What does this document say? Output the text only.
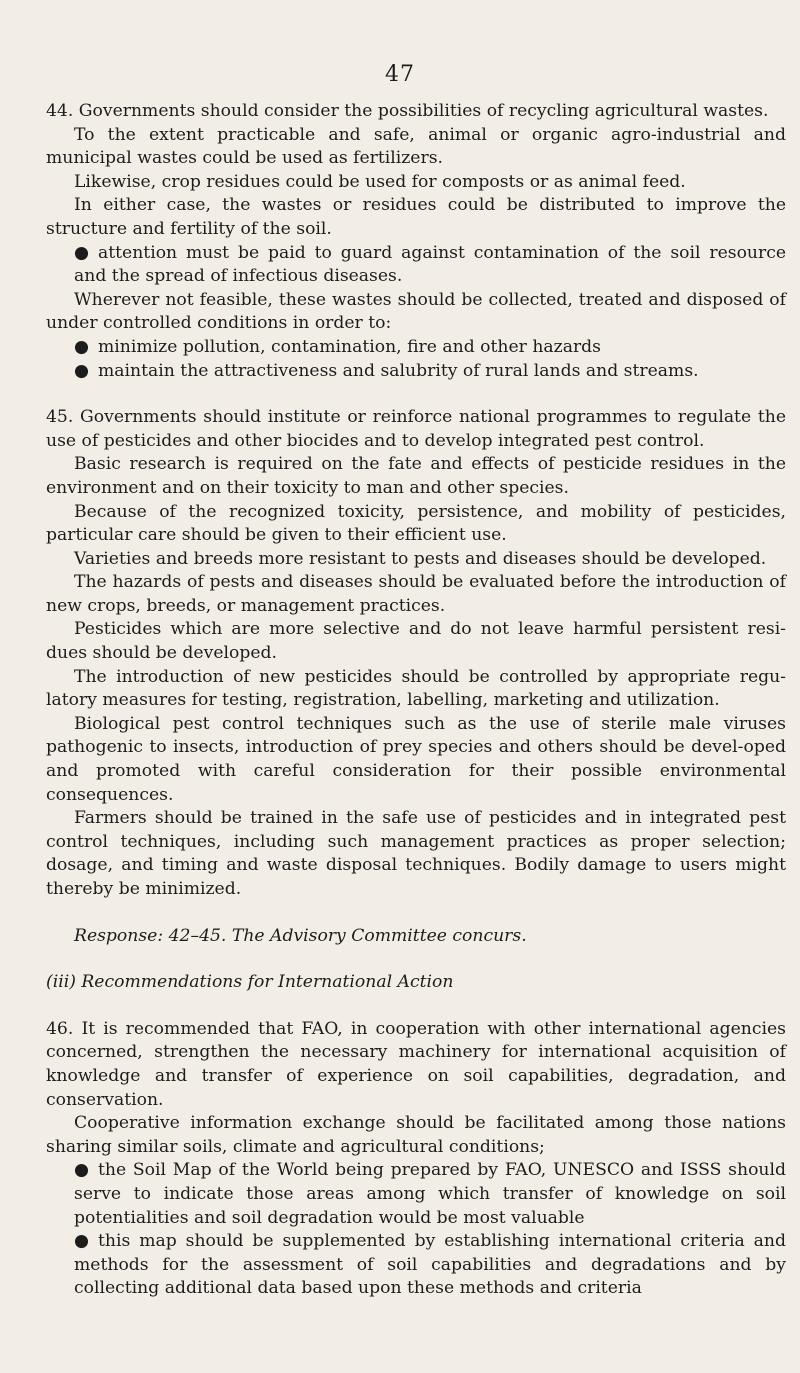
47

44. Governments should consider the possibilities of recycling agricultural wastes.

To the extent practicable and safe, animal or organic agro-industrial and municipal wastes could be used as fertilizers.

Likewise, crop residues could be used for composts or as animal feed.

In either case, the wastes or residues could be distributed to improve the structure and fertility of the soil.

● attention must be paid to guard against contamination of the soil resource and the spread of infectious diseases.

Wherever not feasible, these wastes should be collected, treated and disposed of under controlled conditions in order to:

● minimize pollution, contamination, fire and other hazards

● maintain the attractiveness and salubrity of rural lands and streams.

45. Governments should institute or reinforce national programmes to regulate the use of pesticides and other biocides and to develop integrated pest control.

Basic research is required on the fate and effects of pesticide residues in the environment and on their toxicity to man and other species.

Because of the recognized toxicity, persistence, and mobility of pesticides, particular care should be given to their efficient use.

Varieties and breeds more resistant to pests and diseases should be developed.

The hazards of pests and diseases should be evaluated before the introduction of new crops, breeds, or management practices.

Pesticides which are more selective and do not leave harmful persistent resi-dues should be developed.

The introduction of new pesticides should be controlled by appropriate regu-latory measures for testing, registration, labelling, marketing and utilization.

Biological pest control techniques such as the use of sterile male viruses pathogenic to insects, introduction of prey species and others should be devel-oped and promoted with careful consideration for their possible environmental consequences.

Farmers should be trained in the safe use of pesticides and in integrated pest control techniques, including such management practices as proper selection; dosage, and timing and waste disposal techniques. Bodily damage to users might thereby be minimized.

Response: 42–45. The Advisory Committee concurs.

(iii) Recommendations for International Action

46. It is recommended that FAO, in cooperation with other international agencies concerned, strengthen the necessary machinery for international acquisition of knowledge and transfer of experience on soil capabilities, degradation, and conservation.

Cooperative information exchange should be facilitated among those nations sharing similar soils, climate and agricultural conditions;

● the Soil Map of the World being prepared by FAO, UNESCO and ISSS should serve to indicate those areas among which transfer of knowledge on soil potentialities and soil degradation would be most valuable

● this map should be supplemented by establishing international criteria and methods for the assessment of soil capabilities and degradations and by collecting additional data based upon these methods and criteria
